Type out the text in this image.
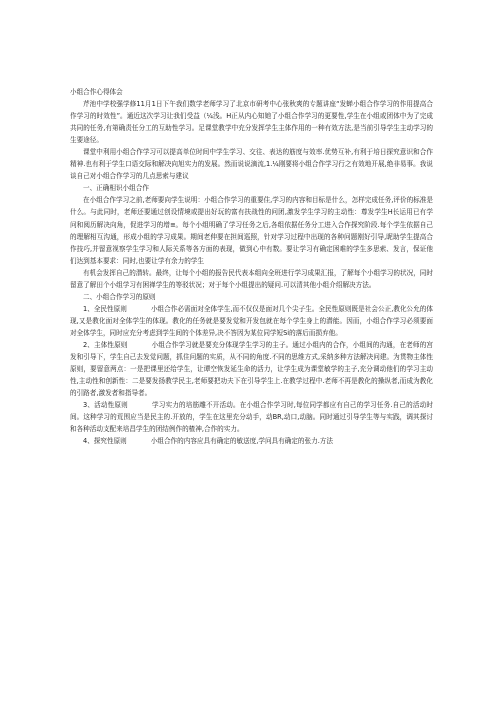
小组合作心得体会

芹池中学校强学修11月1日下午我们数学老师学习了北京市研考中心张秋爽的专题讲座“发蝉小组合作学习的作用提高合作学习的时效性”。通近这次学习让我们受益（¼浅。H正从内心知她了小组合作学习的更要性,学生在小组或团体中为了完成共同的任务,有第确责任分工的互助性学习。足课堂教学中充分发挥学生主体作用的一种有效方法,是当前引导学生主动学习的生要途径。

课堂中利用小组合作学习可以提高单位时间中学生学习、交往、表达的筋度与效率.优势互补,有利于培日探究意识和合作精神.也有利于学生口语交际和解决向旭实力的发展。然而说说滴流,1.¼刚要将小组合作学习行之有效地开展,绝非易事。我说谈自己对小组合作学习的几点思索与建议

一、正确相识小组合作

在小组合作学习之前,老师要向学生说明：小组合作学习的重要住,学习的内容和目标是什么，怎样完成任务,评价的标准是什么。与此同时，老师还要通过创设情境或提出好玩的富有扶战性的问团,激发学生学习的主动性：尊发学生H长运用已有学问和阅历解决向角，促进学习的增≡。每个小组明确了学习任务之后,各组依据任务分工进入合作探究阶段.每个学生依据自己的理解相互沟通，形成小组的学习成果。期间老伸要在担间巡照，针对学习过程中出现的各种问题刚好引导,昵助学生提高合作技巧,并留意视察学生学习和人际关系等各方面的表现，做到心中有数。要让学习有确定困难的学生多思索、发言，保证他们达到基本要求：同时,也要让学有余力的学生

有机会发挥自己的潜转。最终，让每个小组的报告民代表本组向全班进行学习成果汇报，了解每个小组学习的状况，同时留意了解田个小组学习有困禅学生的等驳状况；对于每个小组提出的疑问.可以清其他小组介绍解决方法。

二、小组合作学习的原则

1、全民性原则	小组合作必需面对全体学生,而不仅仅是面对几个尖子生。全民性原则既是社会公正,教化公允的体现,又是教化面对全体学生的体现。教化的任务就是要发觉和开发包就在每个学生身上的潜能。因而，小组合作学习必须要面对全体学生，同时应充分考虑到学生间的个体差异,决不答因为某位同学短Si的落后而损弃他。

2、主体性原则	小组合作学习就是要充分体现学生学习的主子。通过小组内的合作，小组间的沟通，在老师的宫发和引导下，学生自己去发觉问题，抓住问题的实质，从不同的角度.不同的思维方式,采纳多种方法解决问建。为贯物主体性原则，要留意两点：一是把课里还给学生，让谭空恢发延生命的活力，让学生成为课堂敏学的主子,充分调动他们的学习主动性,主动性和创新性：二是要发扬教学民主,老师要把功夫下在引导学生上.在教学过程中.老师不再是教化的操纵者,而成为教化的引路者,激发者和指导者。

3、活动性原则	学习实力的培筋雕不开活动。在小组合作学习时,每位同学都应有自己的学习任务.自己的活动时间。这种学习的荒围应当是民主的.开放的，学生在这里充分动手，动BR,动口,动脑。同时通过引导学生等与实践，调其探讨和各种活动支配来培昌学生的团结例作的楂神,合作的实力。

4、探究性原则	小组合作的内容应具有确定的敏送度,学问具有确定的张力.方法
